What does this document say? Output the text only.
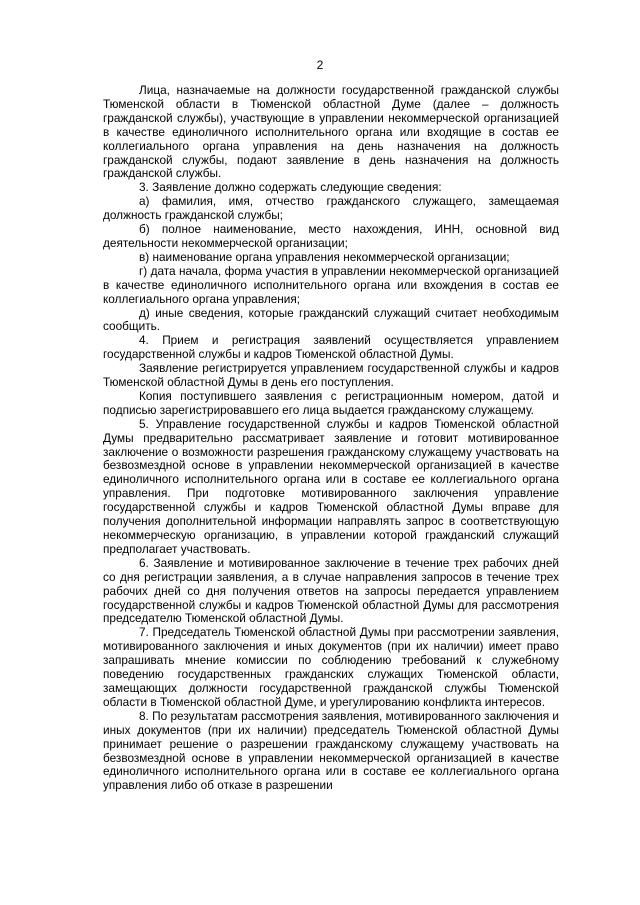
2

Лица, назначаемые на должности государственной гражданской службы Тюменской области в Тюменской областной Думе (далее – должность гражданской службы), участвующие в управлении некоммерческой организацией в качестве единоличного исполнительного органа или входящие в состав ее коллегиального органа управления на день назначения на должность гражданской службы, подают заявление в день назначения на должность гражданской службы.

3. Заявление должно содержать следующие сведения:

а) фамилия, имя, отчество гражданского служащего, замещаемая должность гражданской службы;

б) полное наименование, место нахождения, ИНН, основной вид деятельности некоммерческой организации;

в) наименование органа управления некоммерческой организации;

г) дата начала, форма участия в управлении некоммерческой организацией в качестве единоличного исполнительного органа или вхождения в состав ее коллегиального органа управления;

д) иные сведения, которые гражданский служащий считает необходимым сообщить.

4. Прием и регистрация заявлений осуществляется управлением государственной службы и кадров Тюменской областной Думы.

Заявление регистрируется управлением государственной службы и кадров Тюменской областной Думы в день его поступления.

Копия поступившего заявления с регистрационным номером, датой и подписью зарегистрировавшего его лица выдается гражданскому служащему.

5. Управление государственной службы и кадров Тюменской областной Думы предварительно рассматривает заявление и готовит мотивированное заключение о возможности разрешения гражданскому служащему участвовать на безвозмездной основе в управлении некоммерческой организацией в качестве единоличного исполнительного органа или в составе ее коллегиального органа управления. При подготовке мотивированного заключения управление государственной службы и кадров Тюменской областной Думы вправе для получения дополнительной информации направлять запрос в соответствующую некоммерческую организацию, в управлении которой гражданский служащий предполагает участвовать.

6. Заявление и мотивированное заключение в течение трех рабочих дней со дня регистрации заявления, а в случае направления запросов в течение трех рабочих дней со дня получения ответов на запросы передается управлением государственной службы и кадров Тюменской областной Думы для рассмотрения председателю Тюменской областной Думы.

7. Председатель Тюменской областной Думы при рассмотрении заявления, мотивированного заключения и иных документов (при их наличии) имеет право запрашивать мнение комиссии по соблюдению требований к служебному поведению государственных гражданских служащих Тюменской области, замещающих должности государственной гражданской службы Тюменской области в Тюменской областной Думе, и урегулированию конфликта интересов.

8. По результатам рассмотрения заявления, мотивированного заключения и иных документов (при их наличии) председатель Тюменской областной Думы принимает решение о разрешении гражданскому служащему участвовать на безвозмездной основе в управлении некоммерческой организацией в качестве единоличного исполнительного органа или в составе ее коллегиального органа управления либо об отказе в разрешении
